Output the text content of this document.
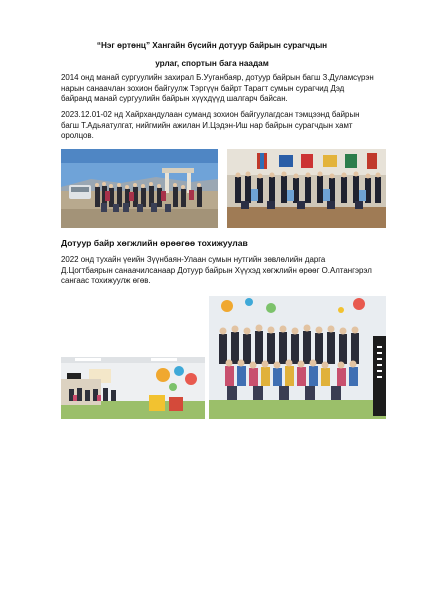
“Нэг өртөнц” Хангайн бүсийн дотуур байрын сурагчдын
урлаг, спортын бага наадам
2014 онд манай сургуулийн захирал Б.Ууганбаяр, дотуур байрын багш З.Дуламсүрэн нарын санаачлан зохион байгуулж Тэргүүн байрт Тарагт сумын сурагчид Дэд байранд манай сургуулийн байрын хүүхдүүд шалгарч байсан.
2023.12.01-02 нд Хайрхандулаан суманд зохион байгуулагдсан тэмцээнд байрын багш Т.Адьяатулгат, нийгмийн ажилан И.Цэдэн-Иш нар байрын сурагчдын хамт оролцов.
Дотуур байр хөгжлийн өрөөгөө тохижуулав
2022 онд тухайн үеийн Зүүнбаян-Улаан сумын нутгийн зөвлөлийн дарга Д.Цогтбаярын санаачилсанаар Дотуур байрын Хүүхэд хөгжлийн өрөөг О.Алтангэрэл сангаас тохижуулж өгөв.
